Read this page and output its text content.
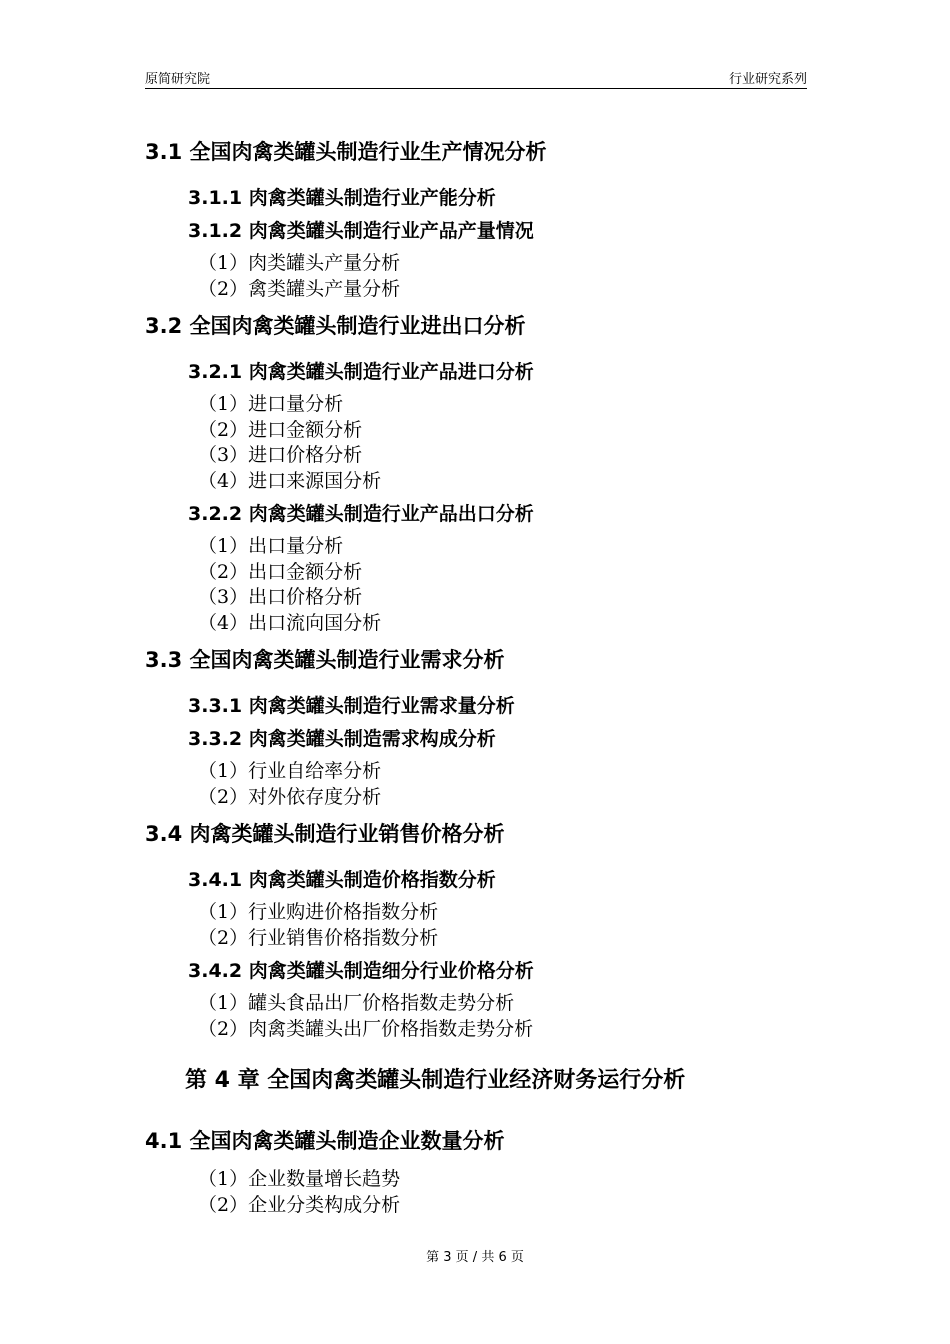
原简研究院	行业研究系列
3.1 全国肉禽类罐头制造行业生产情况分析
3.1.1 肉禽类罐头制造行业产能分析
3.1.2 肉禽类罐头制造行业产品产量情况
（1）肉类罐头产量分析
（2）禽类罐头产量分析
3.2 全国肉禽类罐头制造行业进出口分析
3.2.1 肉禽类罐头制造行业产品进口分析
（1）进口量分析
（2）进口金额分析
（3）进口价格分析
（4）进口来源国分析
3.2.2 肉禽类罐头制造行业产品出口分析
（1）出口量分析
（2）出口金额分析
（3）出口价格分析
（4）出口流向国分析
3.3 全国肉禽类罐头制造行业需求分析
3.3.1 肉禽类罐头制造行业需求量分析
3.3.2 肉禽类罐头制造需求构成分析
（1）行业自给率分析
（2）对外依存度分析
3.4 肉禽类罐头制造行业销售价格分析
3.4.1 肉禽类罐头制造价格指数分析
（1）行业购进价格指数分析
（2）行业销售价格指数分析
3.4.2 肉禽类罐头制造细分行业价格分析
（1）罐头食品出厂价格指数走势分析
（2）肉禽类罐头出厂价格指数走势分析
第 4 章 全国肉禽类罐头制造行业经济财务运行分析
4.1 全国肉禽类罐头制造企业数量分析
（1）企业数量增长趋势
（2）企业分类构成分析
第 3 页 / 共 6 页
